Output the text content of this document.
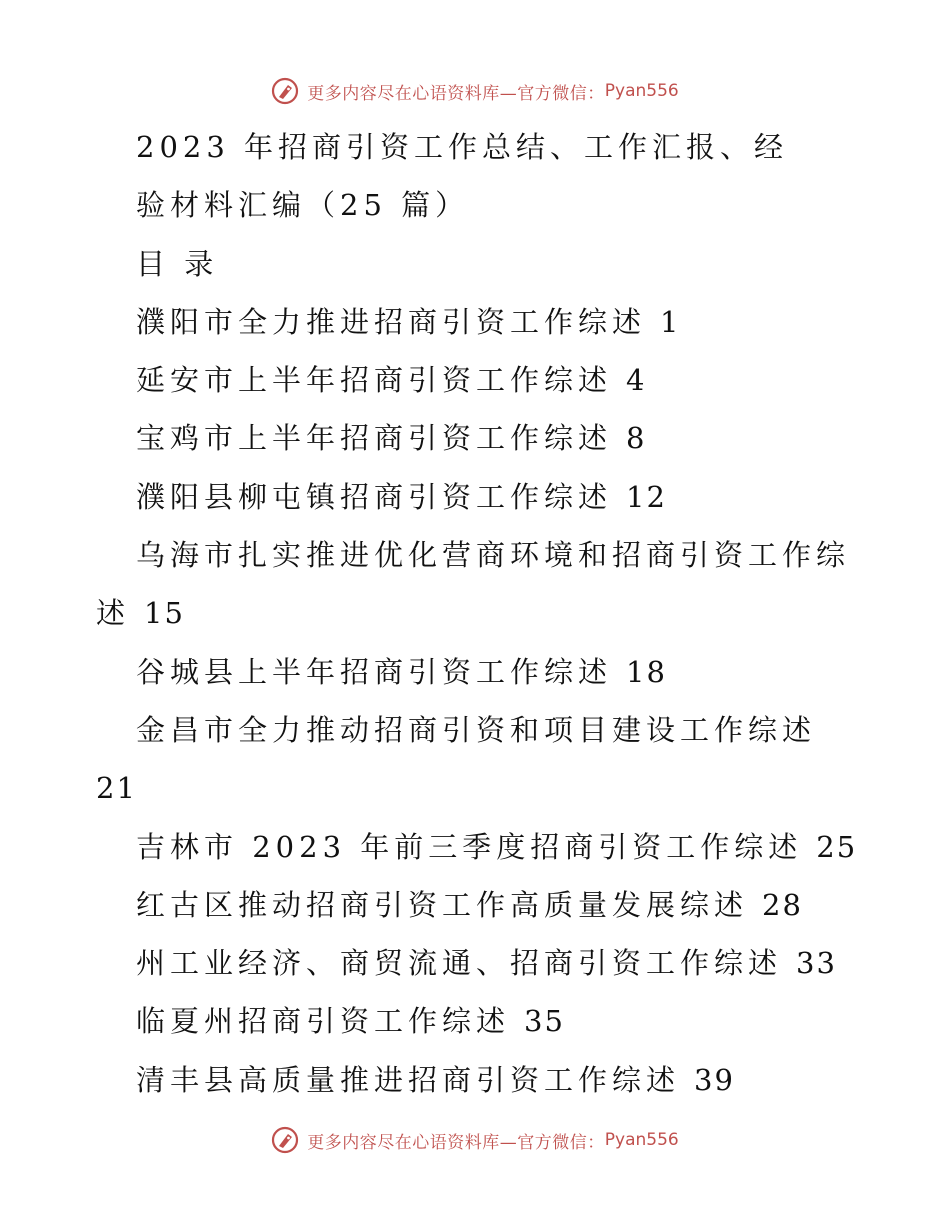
更多内容尽在心语资料库—官方微信： Pyan556
2023 年招商引资工作总结、工作汇报、经
验材料汇编（25 篇）
目 录
濮阳市全力推进招商引资工作综述 1
延安市上半年招商引资工作综述 4
宝鸡市上半年招商引资工作综述 8
濮阳县柳屯镇招商引资工作综述 12
乌海市扎实推进优化营商环境和招商引资工作综
述 15
谷城县上半年招商引资工作综述 18
金昌市全力推动招商引资和项目建设工作综述
21
吉林市 2023 年前三季度招商引资工作综述 25
红古区推动招商引资工作高质量发展综述 28
州工业经济、商贸流通、招商引资工作综述 33
临夏州招商引资工作综述 35
清丰县高质量推进招商引资工作综述 39
更多内容尽在心语资料库—官方微信： Pyan556
